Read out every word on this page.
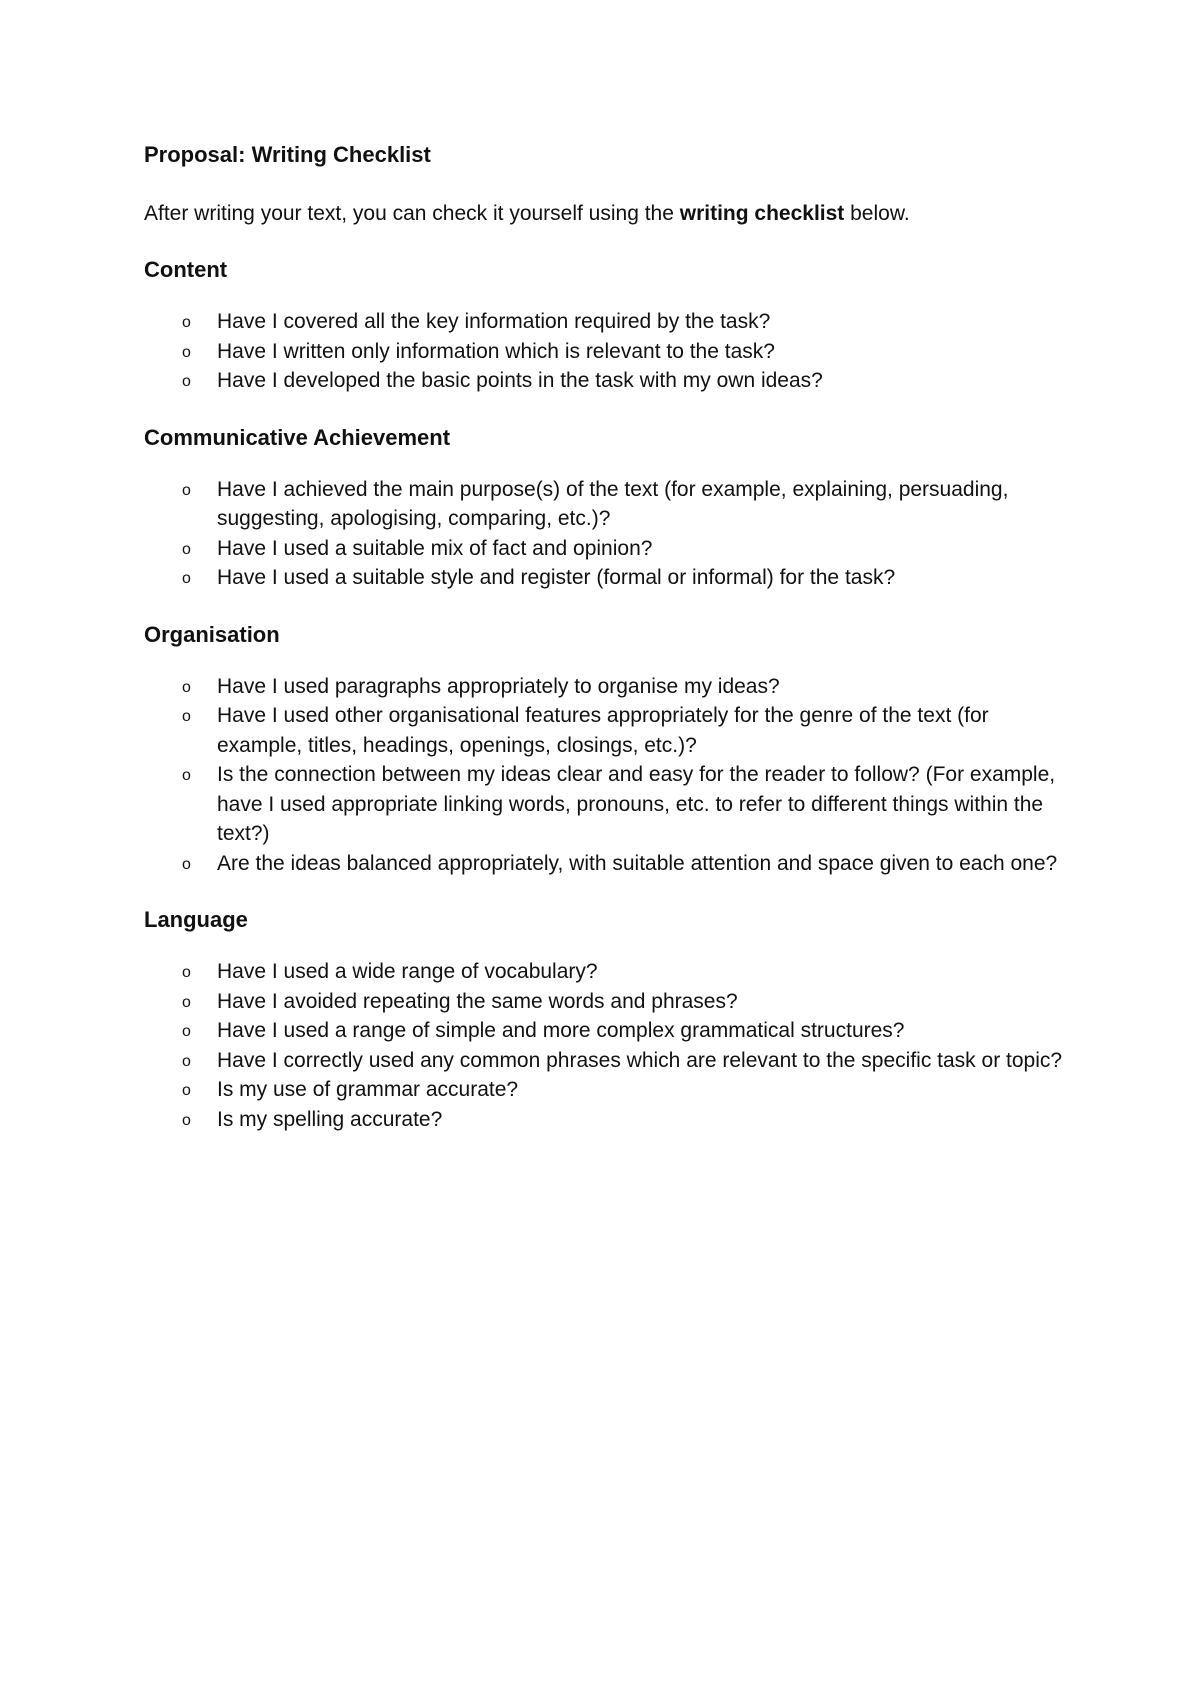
Proposal: Writing Checklist

After writing your text, you can check it yourself using the writing checklist below.

Content
o Have I covered all the key information required by the task?
o Have I written only information which is relevant to the task?
o Have I developed the basic points in the task with my own ideas?
Communicative Achievement
o Have I achieved the main purpose(s) of the text (for example, explaining, persuading, suggesting, apologising, comparing, etc.)?
o Have I used a suitable mix of fact and opinion?
o Have I used a suitable style and register (formal or informal) for the task?
Organisation
o Have I used paragraphs appropriately to organise my ideas?
o Have I used other organisational features appropriately for the genre of the text (for example, titles, headings, openings, closings, etc.)?
o Is the connection between my ideas clear and easy for the reader to follow? (For example, have I used appropriate linking words, pronouns, etc. to refer to different things within the text?)
o Are the ideas balanced appropriately, with suitable attention and space given to each one?
Language
o Have I used a wide range of vocabulary?
o Have I avoided repeating the same words and phrases?
o Have I used a range of simple and more complex grammatical structures?
o Have I correctly used any common phrases which are relevant to the specific task or topic?
o Is my use of grammar accurate?
o Is my spelling accurate?
